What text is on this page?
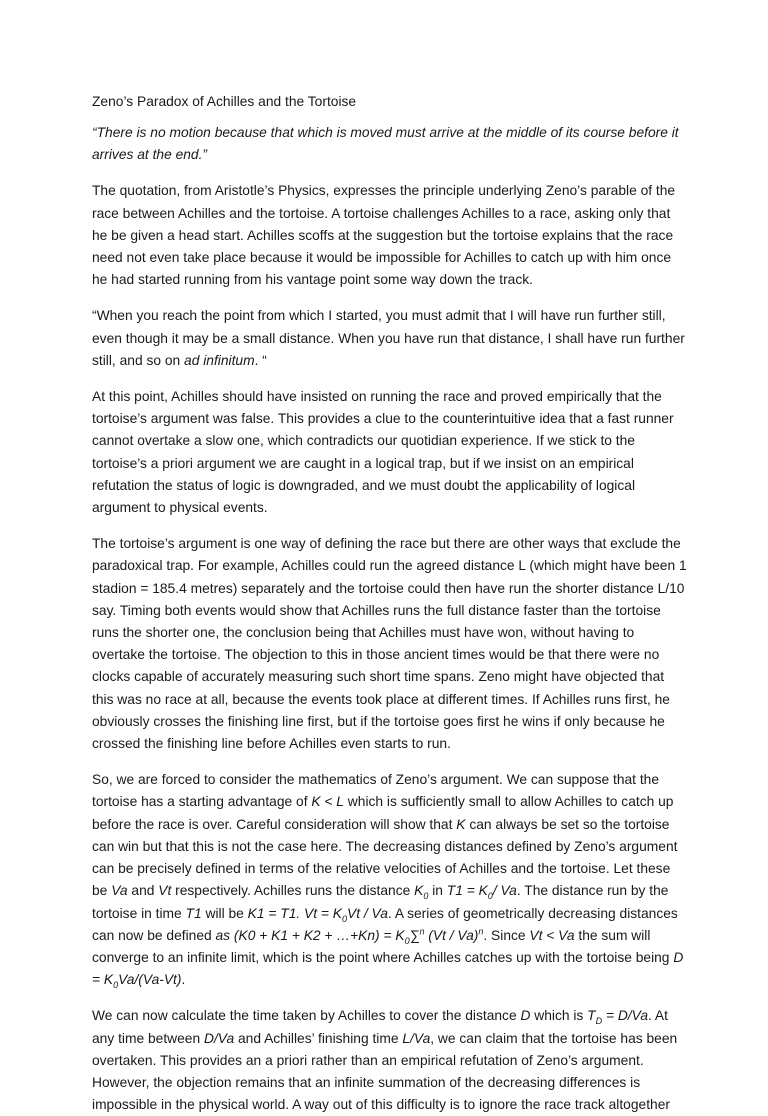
Zeno’s Paradox of Achilles and the Tortoise

“There is no motion because that which is moved must arrive at the middle of its course before it arrives at the end.”

The quotation, from Aristotle’s Physics, expresses the principle underlying Zeno’s parable of the race between Achilles and the tortoise. A tortoise challenges Achilles to a race, asking only that he be given a head start. Achilles scoffs at the suggestion but the tortoise explains that the race need not even take place because it would be impossible for Achilles to catch up with him once he had started running from his vantage point some way down the track.

“When you reach the point from which I started, you must admit that I will have run further still, even though it may be a small distance. When you have run that distance, I shall have run further still, and so on ad infinitum. “

At this point, Achilles should have insisted on running the race and proved empirically that the tortoise’s argument was false. This provides a clue to the counterintuitive idea that a fast runner cannot overtake a slow one, which contradicts our quotidian experience. If we stick to the tortoise’s a priori argument we are caught in a logical trap, but if we insist on an empirical refutation the status of logic is downgraded, and we must doubt the applicability of logical argument to physical events.

The tortoise’s argument is one way of defining the race but there are other ways that exclude the paradoxical trap. For example, Achilles could run the agreed distance L (which might have been 1 stadion = 185.4 metres) separately and the tortoise could then have run the shorter distance L/10 say. Timing both events would show that Achilles runs the full distance faster than the tortoise runs the shorter one, the conclusion being that Achilles must have won, without having to overtake the tortoise. The objection to this in those ancient times would be that there were no clocks capable of accurately measuring such short time spans. Zeno might have objected that this was no race at all, because the events took place at different times. If Achilles runs first, he obviously crosses the finishing line first, but if the tortoise goes first he wins if only because he crossed the finishing line before Achilles even starts to run.

So, we are forced to consider the mathematics of Zeno’s argument. We can suppose that the tortoise has a starting advantage of K < L which is sufficiently small to allow Achilles to catch up before the race is over. Careful consideration will show that K can always be set so the tortoise can win but that this is not the case here. The decreasing distances defined by Zeno’s argument can be precisely defined in terms of the relative velocities of Achilles and the tortoise. Let these be Va and Vt respectively. Achilles runs the distance $K_0$ in $T1 = K_0/$ Va. The distance run by the tortoise in time T1 will be K1 = T1. $Vt = K_0Vt / Va$. A series of geometrically decreasing distances can now be defined as (K0 + K1 + K2 + …+Kn) = $K_0\sum^n$ (Vt / Va)$^n$. Since Vt < Va the sum will converge to an infinite limit, which is the point where Achilles catches up with the tortoise being $D = K_0Va/(Va-Vt)$.

We can now calculate the time taken by Achilles to cover the distance D which is $T_D = D/Va$. At any time between D/Va and Achilles’ finishing time L/Va, we can claim that the tortoise has been overtaken. This provides an a priori rather than an empirical refutation of Zeno’s argument. However, the objection remains that an infinite summation of the decreasing differences is impossible in the physical world. A way out of this difficulty is to ignore the race track altogether
